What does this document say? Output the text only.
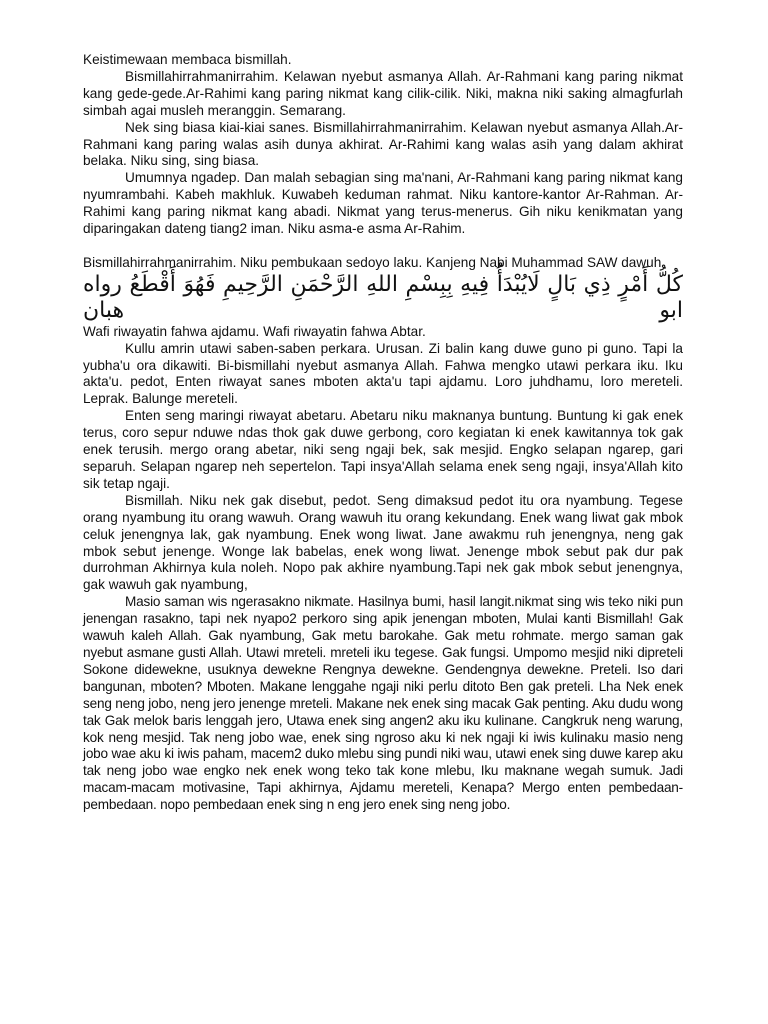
Keistimewaan membaca bismillah.

Bismillahirrahmanirrahim. Kelawan nyebut asmanya Allah. Ar-Rahmani kang paring nikmat kang gede-gede.Ar-Rahimi kang paring nikmat kang cilik-cilik. Niki, makna niki saking almagfurlah simbah agai musleh meranggin. Semarang.

Nek sing biasa kiai-kiai sanes. Bismillahirrahmanirrahim. Kelawan nyebut asmanya Allah.Ar-Rahmani kang paring walas asih dunya akhirat. Ar-Rahimi kang walas asih yang dalam akhirat belaka. Niku sing, sing biasa.

Umumnya ngadep. Dan malah sebagian sing ma'nani, Ar-Rahmani kang paring nikmat kang nyumrambahi. Kabeh makhluk. Kuwabeh keduman rahmat. Niku kantore-kantor Ar-Rahman. Ar-Rahimi kang paring nikmat kang abadi. Nikmat yang terus-menerus. Gih niku kenikmatan yang diparingakan dateng tiang2 iman. Niku asma-e asma Ar-Rahim.

Bismillahirrahmanirrahim. Niku pembukaan sedoyo laku. Kanjeng Nabi Muhammad SAW dawuh

كُلُّ أَمْرٍ ذِي بَالٍ لَايُبْدَأُ فِيهِ بِبِسْمِ اللهِ الرَّحْمَنِ الرَّحِيمِ فَهُوَ أَقْطَعُ رواه ابو هبان

Wafi riwayatin fahwa ajdamu. Wafi riwayatin fahwa Abtar.

Kullu amrin utawi saben-saben perkara. Urusan. Zi balin kang duwe guno pi guno. Tapi la yubha'u ora dikawiti. Bi-bismillahi nyebut asmanya Allah. Fahwa mengko utawi perkara iku. Iku akta'u. pedot, Enten riwayat sanes mboten akta'u tapi ajdamu. Loro juhdhamu, loro mereteli. Leprak. Balunge mereteli.

Enten seng maringi riwayat abetaru. Abetaru niku maknanya buntung. Buntung ki gak enek terus, coro sepur nduwe ndas thok gak duwe gerbong, coro kegiatan ki enek kawitannya tok gak enek terusih. mergo orang abetar, niki seng ngaji bek, sak mesjid. Engko selapan ngarep, gari separuh. Selapan ngarep neh sepertelon. Tapi insya'Allah selama enek seng ngaji, insya'Allah kito sik tetap ngaji.

Bismillah. Niku nek gak disebut, pedot. Seng dimaksud pedot itu ora nyambung. Tegese orang nyambung itu orang wawuh. Orang wawuh itu orang kekundang. Enek wang liwat gak mbok celuk jenengnya lak, gak nyambung. Enek wong liwat. Jane awakmu ruh jenengnya, neng gak mbok sebut jenenge. Wonge lak babelas, enek wong liwat. Jenenge mbok sebut pak dur pak durrohman Akhirnya kula noleh. Nopo pak akhire nyambung.Tapi nek gak mbok sebut jenengnya, gak wawuh gak nyambung,

Masio saman wis ngerasakno nikmate. Hasilnya bumi, hasil langit.nikmat sing wis teko niki pun jenengan rasakno, tapi nek nyapo2 perkoro sing apik jenengan mboten, Mulai kanti Bismillah! Gak wawuh kaleh Allah. Gak nyambung, Gak metu barokahe. Gak metu rohmate. mergo saman gak nyebut asmane gusti Allah. Utawi mreteli. mreteli iku tegese. Gak fungsi. Umpomo mesjid niki dipreteli Sokone didewekne, usuknya dewekne Rengnya dewekne. Gendengnya dewekne. Preteli. Iso dari bangunan, mboten? Mboten. Makane lenggahe ngaji niki perlu ditoto Ben gak preteli. Lha Nek enek seng neng jobo, neng jero jenenge mreteli. Makane nek enek sing macak Gak penting. Aku dudu wong tak Gak melok baris lenggah jero, Utawa enek sing angen2 aku iku kulinane. Cangkruk neng warung, kok neng mesjid. Tak neng jobo wae, enek sing ngroso aku ki nek ngaji ki iwis kulinaku masio neng jobo wae aku ki iwis paham, macem2 duko mlebu sing pundi niki wau, utawi enek sing duwe karep aku tak neng jobo wae engko nek enek wong teko tak kone mlebu, Iku maknane wegah sumuk. Jadi macam-macam motivasine, Tapi akhirnya, Ajdamu mereteli, Kenapa? Mergo enten pembedaan-pembedaan. nopo pembedaan enek sing n eng jero enek sing neng jobo.
